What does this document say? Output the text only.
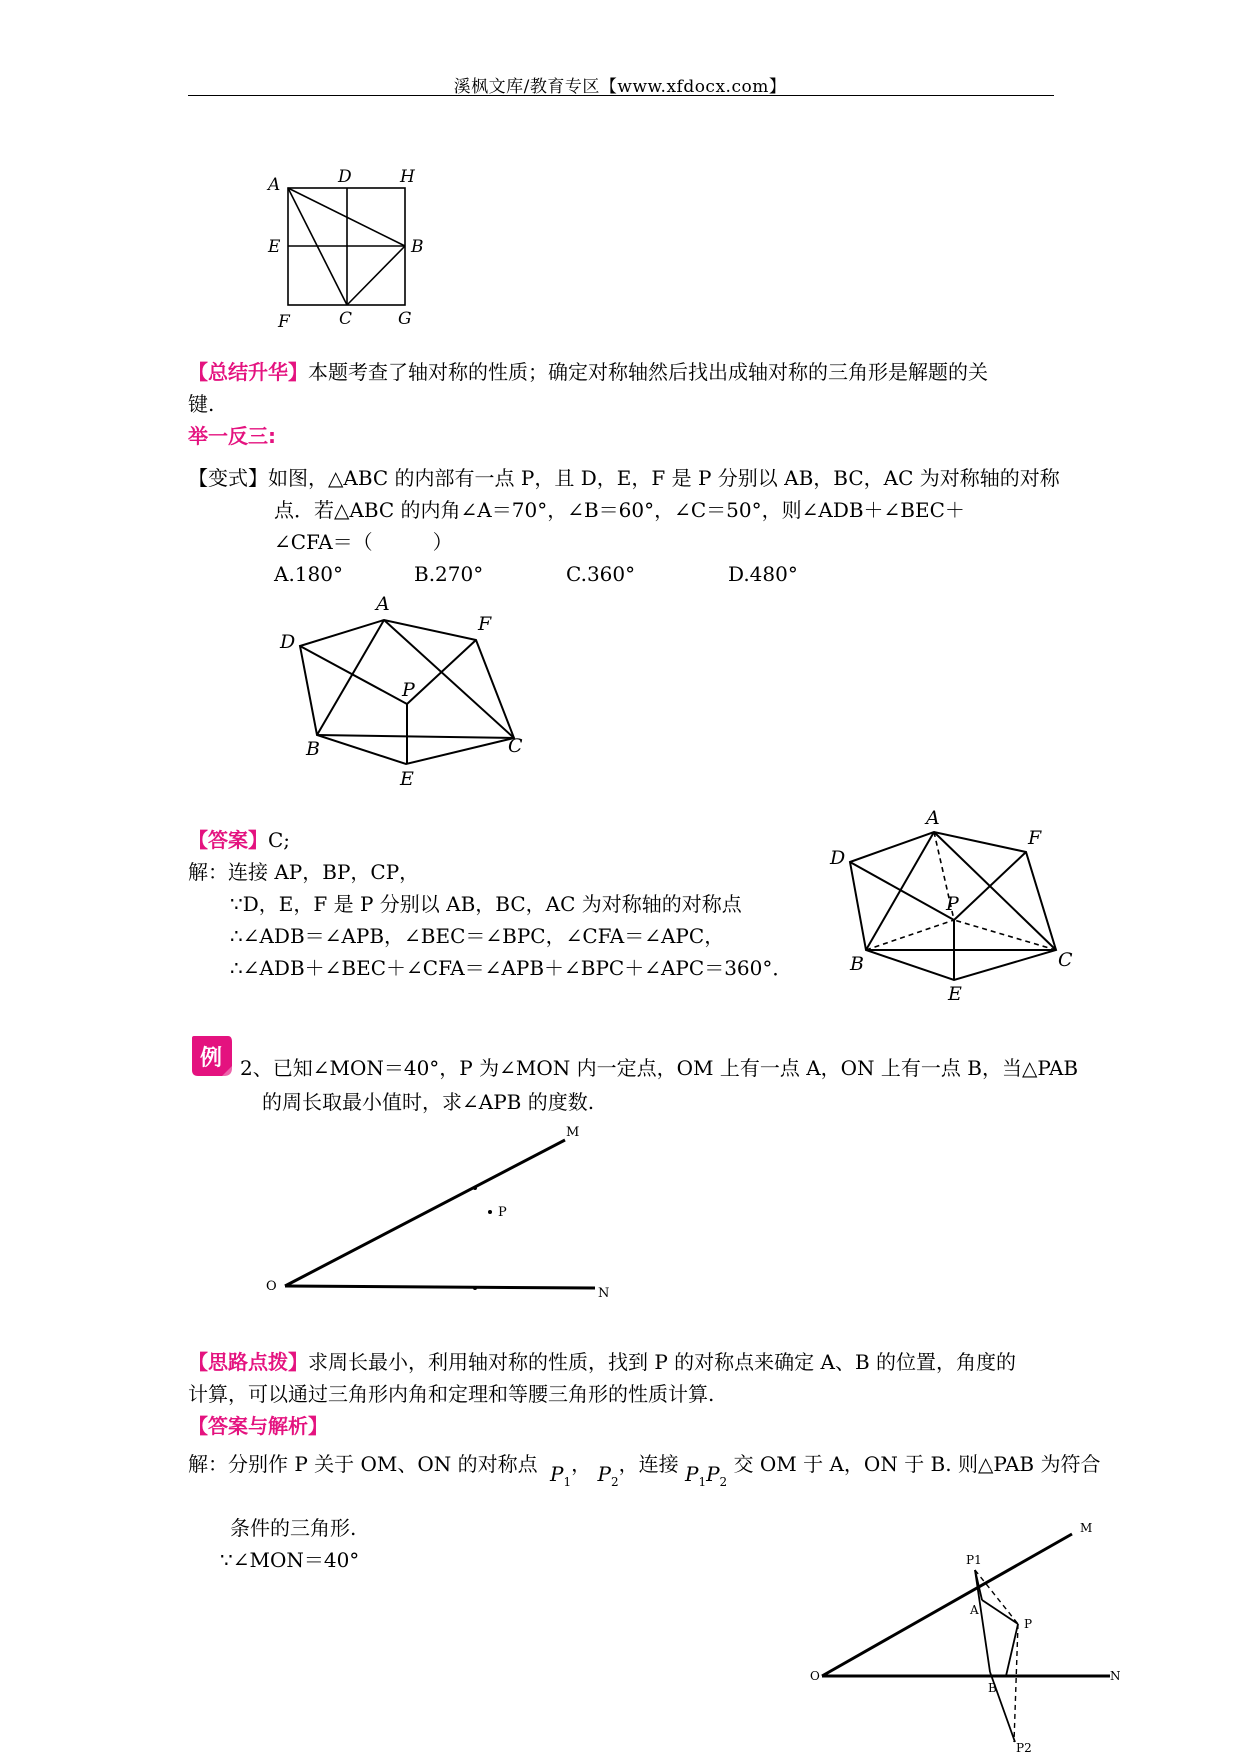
溪枫文库/教育专区【www.xfdocx.com】
A	D	H
E	B
F	C	G
【总结升华】本题考查了轴对称的性质；确定对称轴然后找出成轴对称的三角形是解题的关
键.
举一反三:
【变式】如图，△ABC 的内部有一点 P，且 D，E，F 是 P 分别以 AB，BC，AC 为对称轴的对称
点．若△ABC 的内角∠A＝70°，∠B＝60°，∠C＝50°，则∠ADB＋∠BEC＋
∠CFA＝（　　　）
A.180°	B.270°	C.360°	D.480°
A
D
F
P
B	C
E
【答案】C;
解：连接 AP，BP，CP，
∵D，E，F 是 P 分别以 AB，BC，AC 为对称轴的对称点
∴∠ADB＝∠APB，∠BEC＝∠BPC，∠CFA＝∠APC，
∴∠ADB＋∠BEC＋∠CFA＝∠APB＋∠BPC＋∠APC＝360°．
A
D
F
P
B	C
E
例 2、已知∠MON＝40°，P 为∠MON 内一定点，OM 上有一点 A，ON 上有一点 B，当△PAB
的周长取最小值时，求∠APB 的度数.
M
P
O	N
【思路点拨】求周长最小，利用轴对称的性质，找到 P 的对称点来确定 A、B 的位置，角度的
计算，可以通过三角形内角和定理和等腰三角形的性质计算.
【答案与解析】
解：分别作 P 关于 OM、ON 的对称点 $P_1$， $P_2$，连接 $P_1P_2$ 交 OM 于 A，ON 于 B. 则△PAB 为符合
条件的三角形.
∵∠MON＝40°	P1
M
A
P
O
B
N
P2
